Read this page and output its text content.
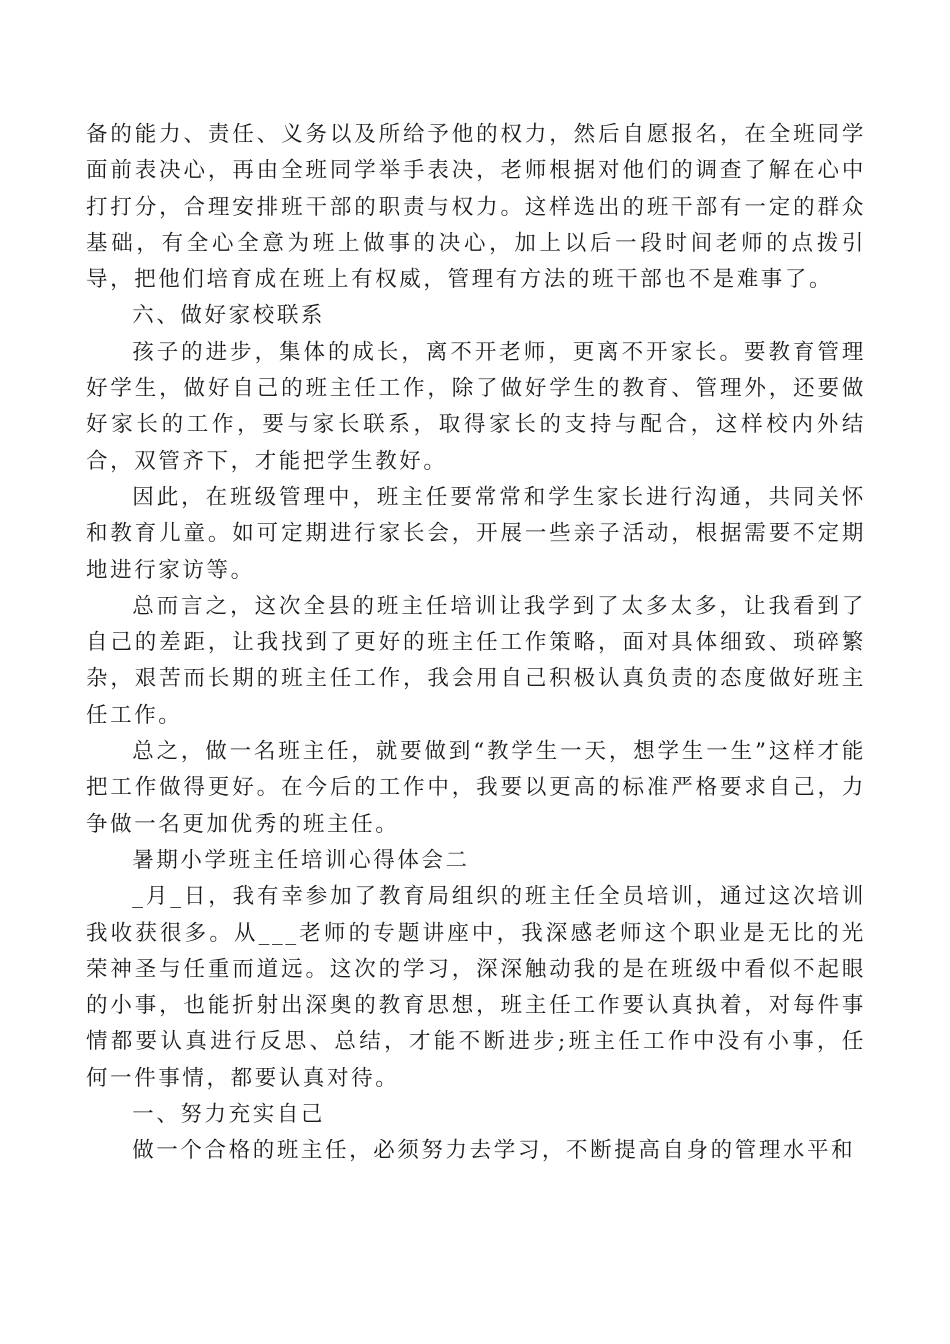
备的能力、责任、义务以及所给予他的权力，然后自愿报名，在全班同学面前表决心，再由全班同学举手表决，老师根据对他们的调查了解在心中打打分，合理安排班干部的职责与权力。这样选出的班干部有一定的群众基础，有全心全意为班上做事的决心，加上以后一段时间老师的点拨引导，把他们培育成在班上有权威，管理有方法的班干部也不是难事了。

六、做好家校联系

孩子的进步，集体的成长，离不开老师，更离不开家长。要教育管理好学生，做好自己的班主任工作，除了做好学生的教育、管理外，还要做好家长的工作，要与家长联系，取得家长的支持与配合，这样校内外结合，双管齐下，才能把学生教好。

因此，在班级管理中，班主任要常常和学生家长进行沟通，共同关怀和教育儿童。如可定期进行家长会，开展一些亲子活动，根据需要不定期地进行家访等。

总而言之，这次全县的班主任培训让我学到了太多太多，让我看到了自己的差距，让我找到了更好的班主任工作策略，面对具体细致、琐碎繁杂，艰苦而长期的班主任工作，我会用自己积极认真负责的态度做好班主任工作。

总之，做一名班主任，就要做到“教学生一天，想学生一生”这样才能把工作做得更好。在今后的工作中，我要以更高的标准严格要求自己，力争做一名更加优秀的班主任。

暑期小学班主任培训心得体会二

_月_日，我有幸参加了教育局组织的班主任全员培训，通过这次培训我收获很多。从___老师的专题讲座中，我深感老师这个职业是无比的光荣神圣与任重而道远。这次的学习，深深触动我的是在班级中看似不起眼的小事，也能折射出深奥的教育思想，班主任工作要认真执着，对每件事情都要认真进行反思、总结，才能不断进步;班主任工作中没有小事，任何一件事情，都要认真对待。

一、努力充实自己

做一个合格的班主任，必须努力去学习，不断提高自身的管理水平和
